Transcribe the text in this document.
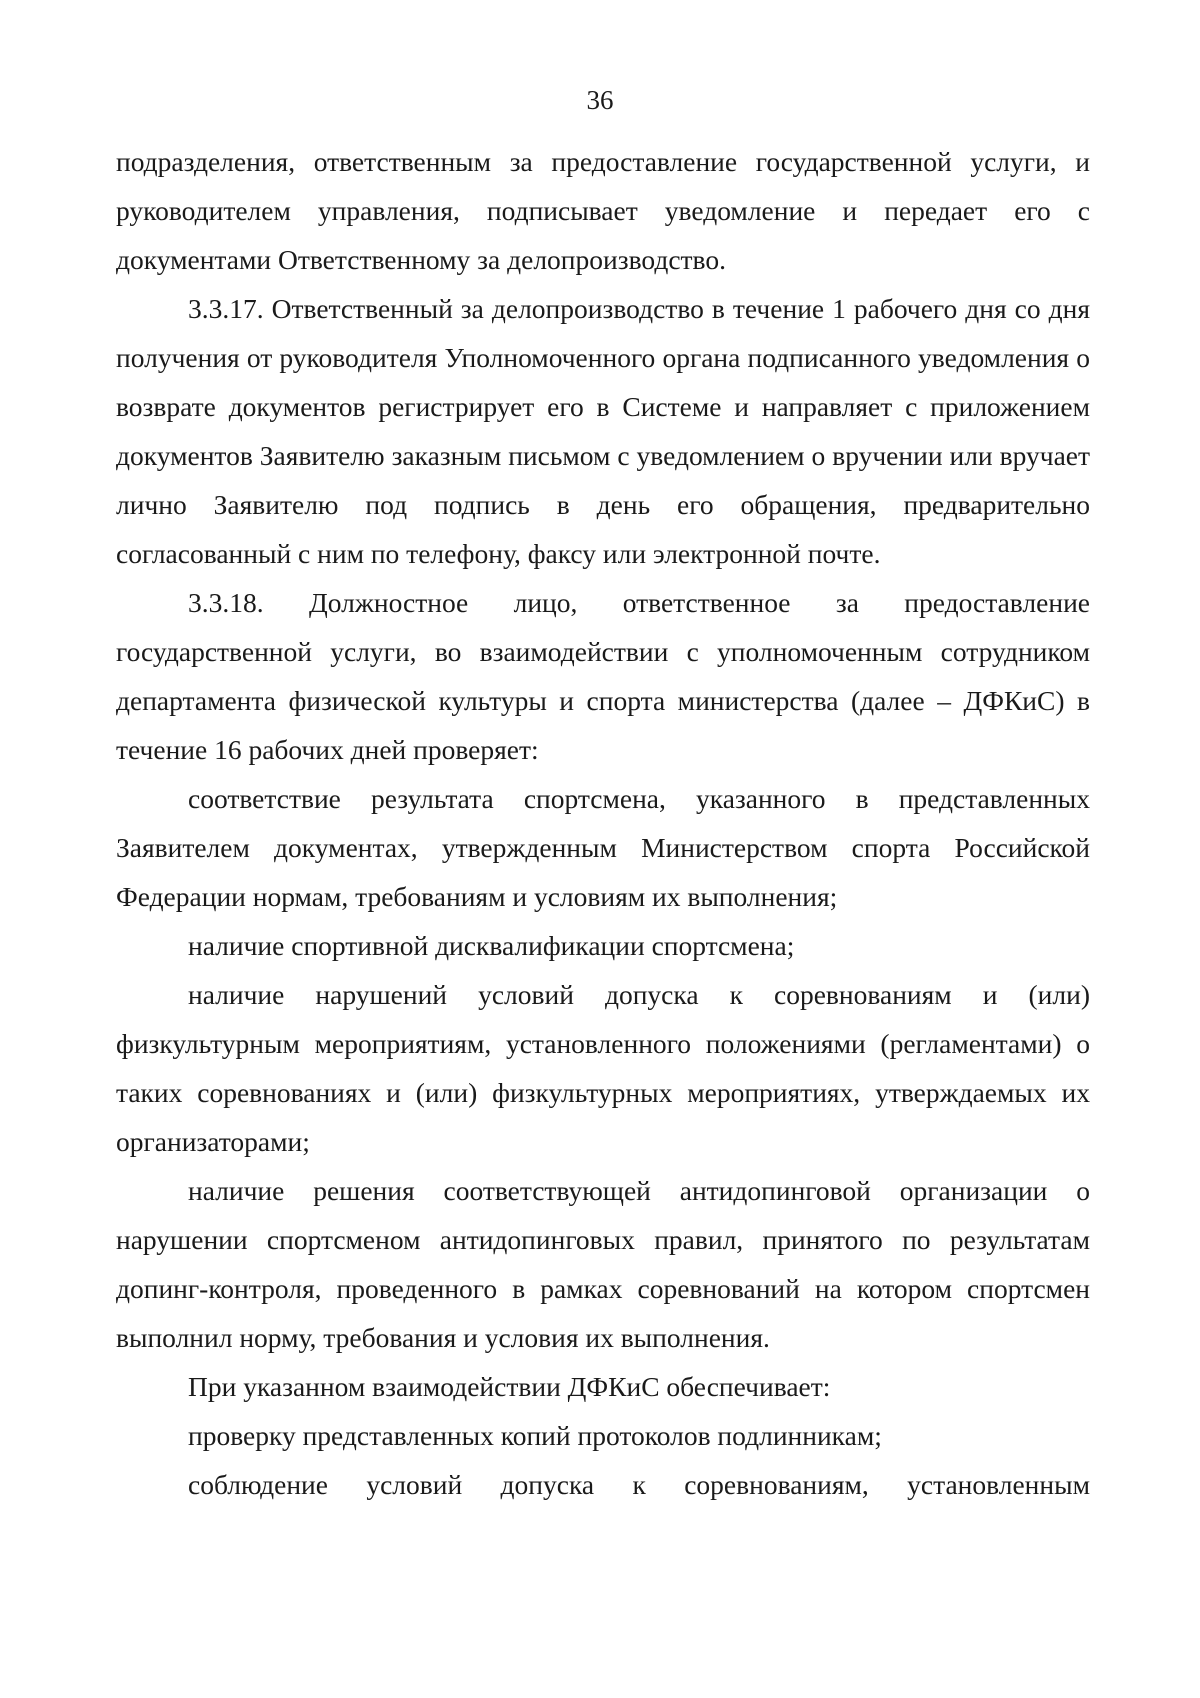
36

подразделения, ответственным за предоставление государственной услуги, и руководителем управления, подписывает уведомление и передает его с документами Ответственному за делопроизводство.

3.3.17. Ответственный за делопроизводство в течение 1 рабочего дня со дня получения от руководителя Уполномоченного органа подписанного уведомления о возврате документов регистрирует его в Системе и направляет с приложением документов Заявителю заказным письмом с уведомлением о вручении или вручает лично Заявителю под подпись в день его обращения, предварительно согласованный с ним по телефону, факсу или электронной почте.

3.3.18. Должностное лицо, ответственное за предоставление государственной услуги, во взаимодействии с уполномоченным сотрудником департамента физической культуры и спорта министерства (далее – ДФКиС) в течение 16 рабочих дней проверяет:

соответствие результата спортсмена, указанного в представленных Заявителем документах, утвержденным Министерством спорта Российской Федерации нормам, требованиям и условиям их выполнения;

наличие спортивной дисквалификации спортсмена;

наличие нарушений условий допуска к соревнованиям и (или) физкультурным мероприятиям, установленного положениями (регламентами) о таких соревнованиях и (или) физкультурных мероприятиях, утверждаемых их организаторами;

наличие решения соответствующей антидопинговой организации о нарушении спортсменом антидопинговых правил, принятого по результатам допинг-контроля, проведенного в рамках соревнований на котором спортсмен выполнил норму, требования и условия их выполнения.

При указанном взаимодействии ДФКиС обеспечивает:

проверку представленных копий протоколов подлинникам;

соблюдение условий допуска к соревнованиям, установленным
